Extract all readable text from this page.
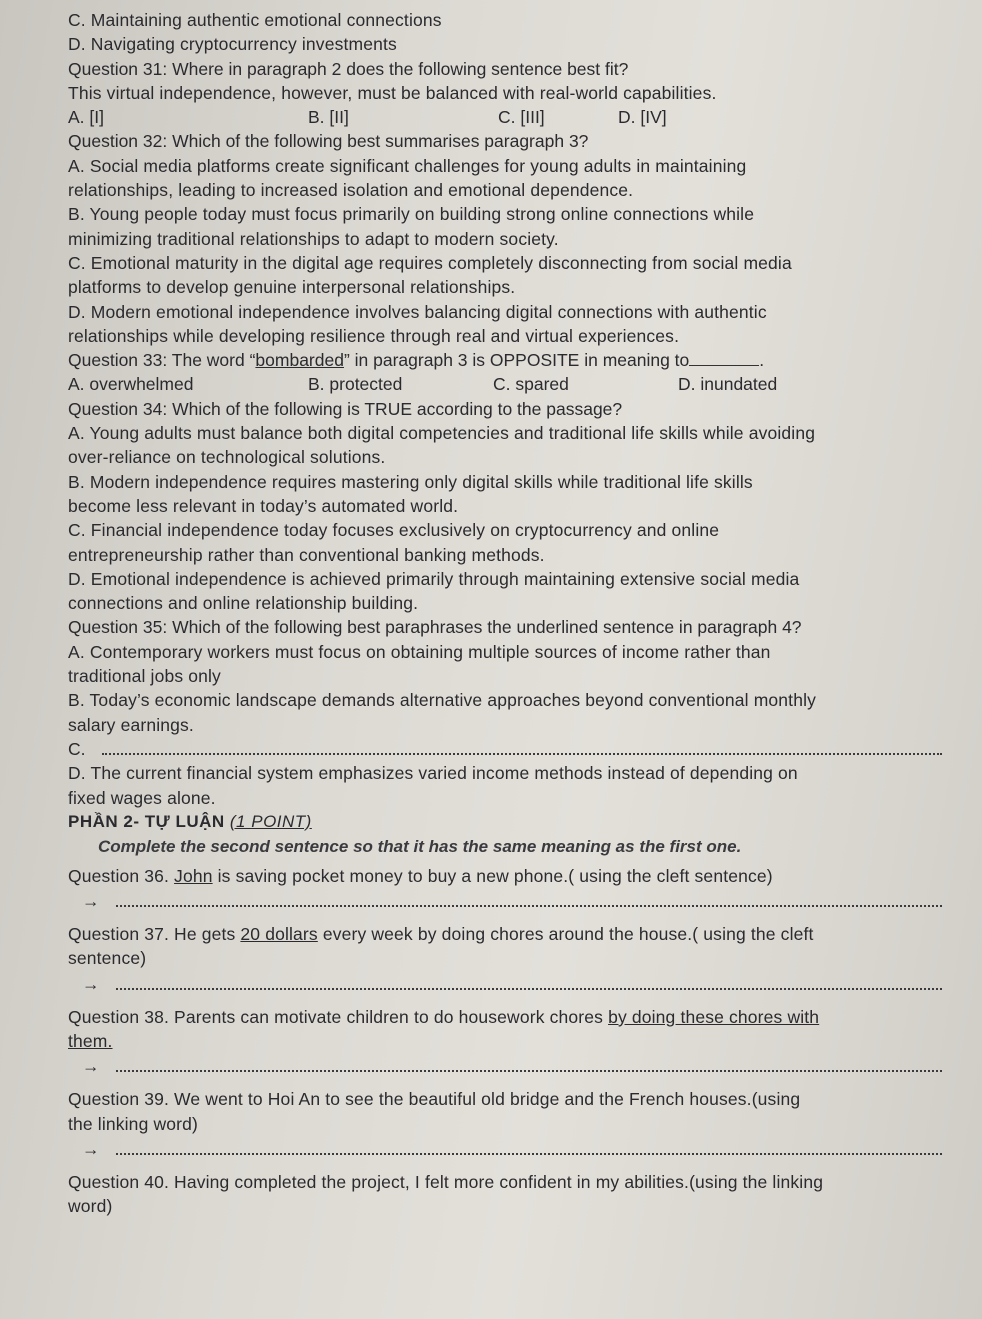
C. Maintaining authentic emotional connections
D. Navigating cryptocurrency investments
Question 31: Where in paragraph 2 does the following sentence best fit?
This virtual independence, however, must be balanced with real-world capabilities.
A. [I]	B. [II]	C. [III]	D. [IV]
Question 32: Which of the following best summarises paragraph 3?
A. Social media platforms create significant challenges for young adults in maintaining
relationships, leading to increased isolation and emotional dependence.
B. Young people today must focus primarily on building strong online connections while
minimizing traditional relationships to adapt to modern society.
C. Emotional maturity in the digital age requires completely disconnecting from social media
platforms to develop genuine interpersonal relationships.
D. Modern emotional independence involves balancing digital connections with authentic
relationships while developing resilience through real and virtual experiences.
Question 33: The word “bombarded” in paragraph 3 is OPPOSITE in meaning to	.
A. overwhelmed	B. protected	C. spared	D. inundated
Question 34: Which of the following is TRUE according to the passage?
A. Young adults must balance both digital competencies and traditional life skills while avoiding
over-reliance on technological solutions.
B. Modern independence requires mastering only digital skills while traditional life skills
become less relevant in today’s automated world.
C. Financial independence today focuses exclusively on cryptocurrency and online
entrepreneurship rather than conventional banking methods.
D. Emotional independence is achieved primarily through maintaining extensive social media
connections and online relationship building.
Question 35: Which of the following best paraphrases the underlined sentence in paragraph 4?
A. Contemporary workers must focus on obtaining multiple sources of income rather than
traditional jobs only
B. Today’s economic landscape demands alternative approaches beyond conventional monthly
salary earnings.
C.
D. The current financial system emphasizes varied income methods instead of depending on
fixed wages alone.
PHẦN 2- TỰ LUẬN (1 POINT)
Complete the second sentence so that it has the same meaning as the first one.
Question 36. John is saving pocket money to buy a new phone.( using the cleft sentence)
→
Question 37. He gets 20 dollars every week by doing chores around the house.( using the cleft
sentence)
→
Question 38. Parents can motivate children to do housework chores by doing these chores with
them.
→
Question 39. We went to Hoi An to see the beautiful old bridge and the French houses.(using
the linking word)
→
Question 40. Having completed the project, I felt more confident in my abilities.(using the linking
word)
